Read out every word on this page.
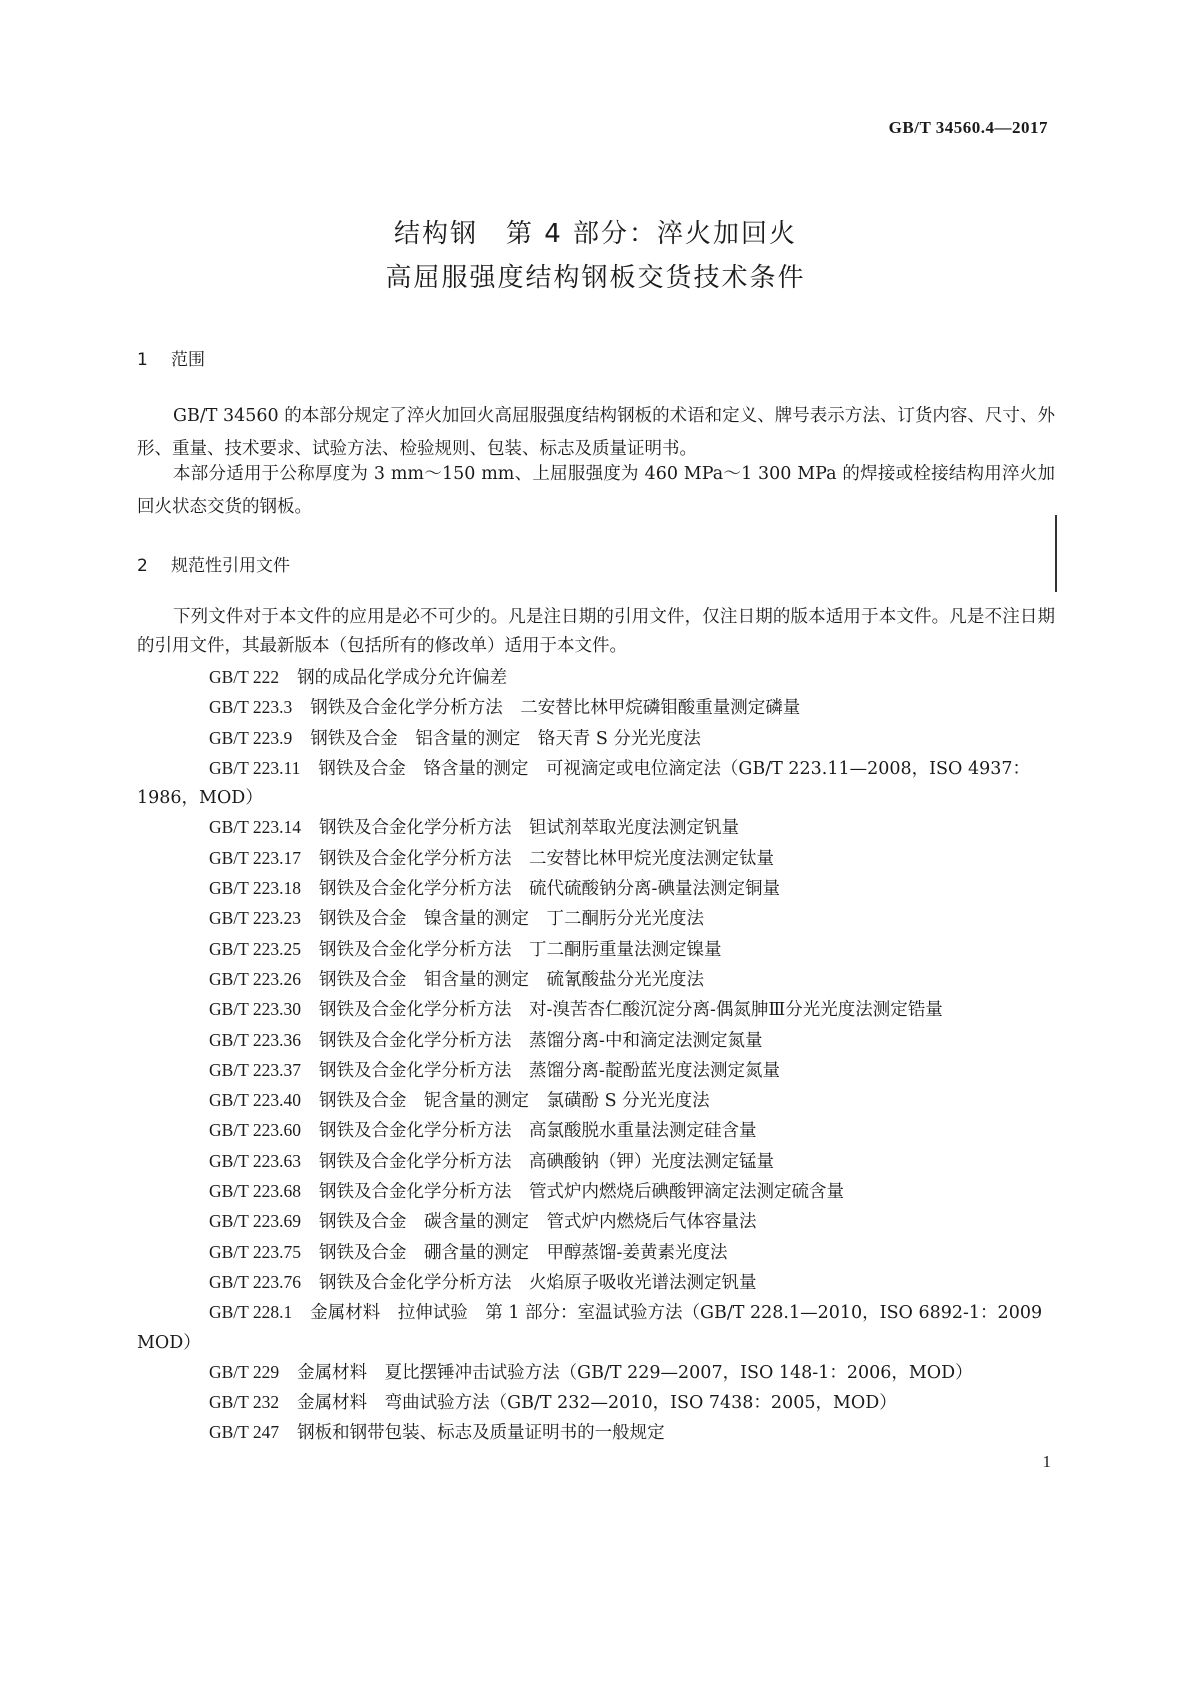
GB/T 34560.4—2017
结构钢　第 4 部分：淬火加回火
高屈服强度结构钢板交货技术条件
1 范围

GB/T 34560 的本部分规定了淬火加回火高屈服强度结构钢板的术语和定义、牌号表示方法、订货内容、尺寸、外形、重量、技术要求、试验方法、检验规则、包装、标志及质量证明书。

本部分适用于公称厚度为 3 mm～150 mm、上屈服强度为 460 MPa～1 300 MPa 的焊接或栓接结构用淬火加回火状态交货的钢板。

2 规范性引用文件

下列文件对于本文件的应用是必不可少的。凡是注日期的引用文件，仅注日期的版本适用于本文件。凡是不注日期的引用文件，其最新版本（包括所有的修改单）适用于本文件。

GB/T 222 钢的成品化学成分允许偏差
GB/T 223.3 钢铁及合金化学分析方法　二安替比林甲烷磷钼酸重量测定磷量
GB/T 223.9 钢铁及合金　铝含量的测定　铬天青 S 分光光度法
GB/T 223.11 钢铁及合金　铬含量的测定　可视滴定或电位滴定法（GB/T 223.11—2008，ISO 4937：1986，MOD）
GB/T 223.14 钢铁及合金化学分析方法　钽试剂萃取光度法测定钒量
GB/T 223.17 钢铁及合金化学分析方法　二安替比林甲烷光度法测定钛量
GB/T 223.18 钢铁及合金化学分析方法　硫代硫酸钠分离-碘量法测定铜量
GB/T 223.23 钢铁及合金　镍含量的测定　丁二酮肟分光光度法
GB/T 223.25 钢铁及合金化学分析方法　丁二酮肟重量法测定镍量
GB/T 223.26 钢铁及合金　钼含量的测定　硫氰酸盐分光光度法
GB/T 223.30 钢铁及合金化学分析方法　对-溴苦杏仁酸沉淀分离-偶氮胂Ⅲ分光光度法测定锆量
GB/T 223.36 钢铁及合金化学分析方法　蒸馏分离-中和滴定法测定氮量
GB/T 223.37 钢铁及合金化学分析方法　蒸馏分离-靛酚蓝光度法测定氮量
GB/T 223.40 钢铁及合金　铌含量的测定　氯磺酚 S 分光光度法
GB/T 223.60 钢铁及合金化学分析方法　高氯酸脱水重量法测定硅含量
GB/T 223.63 钢铁及合金化学分析方法　高碘酸钠（钾）光度法测定锰量
GB/T 223.68 钢铁及合金化学分析方法　管式炉内燃烧后碘酸钾滴定法测定硫含量
GB/T 223.69 钢铁及合金　碳含量的测定　管式炉内燃烧后气体容量法
GB/T 223.75 钢铁及合金　硼含量的测定　甲醇蒸馏-姜黄素光度法
GB/T 223.76 钢铁及合金化学分析方法　火焰原子吸收光谱法测定钒量
GB/T 228.1 金属材料　拉伸试验　第 1 部分：室温试验方法（GB/T 228.1—2010，ISO 6892-1：2009 MOD）
GB/T 229 金属材料　夏比摆锤冲击试验方法（GB/T 229—2007，ISO 148-1：2006，MOD）
GB/T 232 金属材料　弯曲试验方法（GB/T 232—2010，ISO 7438：2005，MOD）
GB/T 247 钢板和钢带包装、标志及质量证明书的一般规定
1
